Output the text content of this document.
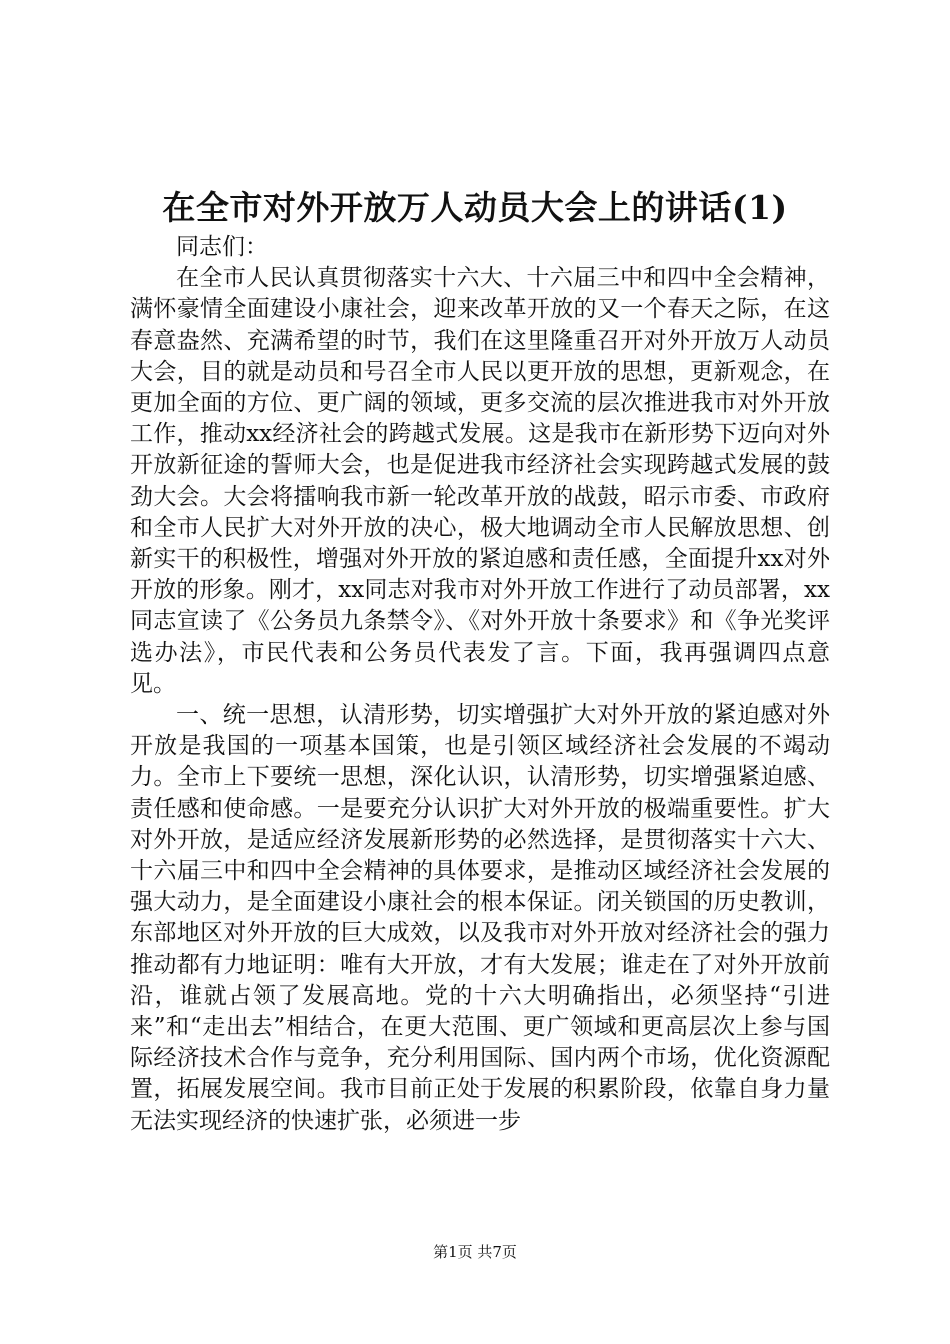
在全市对外开放万人动员大会上的讲话(1)

同志们：

在全市人民认真贯彻落实十六大、十六届三中和四中全会精神，满怀豪情全面建设小康社会，迎来改革开放的又一个春天之际，在这春意盎然、充满希望的时节，我们在这里隆重召开对外开放万人动员大会，目的就是动员和号召全市人民以更开放的思想，更新观念，在更加全面的方位、更广阔的领域，更多交流的层次推进我市对外开放工作，推动xx经济社会的跨越式发展。这是我市在新形势下迈向对外开放新征途的誓师大会，也是促进我市经济社会实现跨越式发展的鼓劲大会。大会将擂响我市新一轮改革开放的战鼓，昭示市委、市政府和全市人民扩大对外开放的决心，极大地调动全市人民解放思想、创新实干的积极性，增强对外开放的紧迫感和责任感，全面提升xx对外开放的形象。刚才，xx同志对我市对外开放工作进行了动员部署，xx同志宣读了《公务员九条禁令》、《对外开放十条要求》和《争光奖评选办法》，市民代表和公务员代表发了言。下面，我再强调四点意见。

一、统一思想，认清形势，切实增强扩大对外开放的紧迫感对外开放是我国的一项基本国策，也是引领区域经济社会发展的不竭动力。全市上下要统一思想，深化认识，认清形势，切实增强紧迫感、责任感和使命感。一是要充分认识扩大对外开放的极端重要性。扩大对外开放，是适应经济发展新形势的必然选择，是贯彻落实十六大、十六届三中和四中全会精神的具体要求，是推动区域经济社会发展的强大动力，是全面建设小康社会的根本保证。闭关锁国的历史教训，东部地区对外开放的巨大成效，以及我市对外开放对经济社会的强力推动都有力地证明：唯有大开放，才有大发展；谁走在了对外开放前沿，谁就占领了发展高地。党的十六大明确指出，必须坚持“引进来”和“走出去”相结合，在更大范围、更广领域和更高层次上参与国际经济技术合作与竞争，充分利用国际、国内两个市场，优化资源配置，拓展发展空间。我市目前正处于发展的积累阶段，依靠自身力量无法实现经济的快速扩张，必须进一步

第1页 共7页
